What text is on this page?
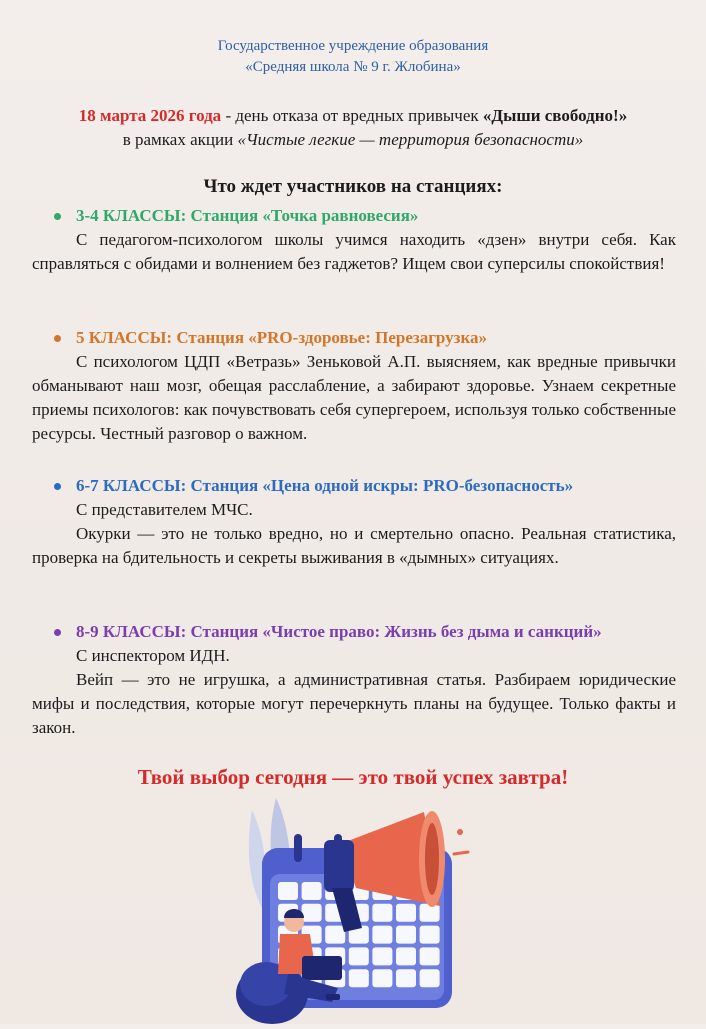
Государственное учреждение образования
«Средняя школа № 9 г. Жлобина»
18 марта 2026 года - день отказа от вредных привычек «Дыши свободно!»
в рамках акции «Чистые легкие — территория безопасности»
Что ждет участников на станциях:
3-4 КЛАССЫ: Станция «Точка равновесия»

С педагогом-психологом школы учимся находить «дзен» внутри себя. Как справляться с обидами и волнением без гаджетов? Ищем свои суперсилы спокойствия!

5 КЛАССЫ: Станция «PRO-здоровье: Перезагрузка»

С психологом ЦДП «Ветразь» Зеньковой А.П. выясняем, как вредные привычки обманывают наш мозг, обещая расслабление, а забирают здоровье. Узнаем секретные приемы психологов: как почувствовать себя супергероем, используя только собственные ресурсы. Честный разговор о важном.

6-7 КЛАССЫ: Станция «Цена одной искры: PRO-безопасность»

С представителем МЧС.

Окурки — это не только вредно, но и смертельно опасно. Реальная статистика, проверка на бдительность и секреты выживания в «дымных» ситуациях.

8-9 КЛАССЫ: Станция «Чистое право: Жизнь без дыма и санкций»

С инспектором ИДН.

Вейп — это не игрушка, а административная статья. Разбираем юридические мифы и последствия, которые могут перечеркнуть планы на будущее. Только факты и закон.

Твой выбор сегодня — это твой успех завтра!
